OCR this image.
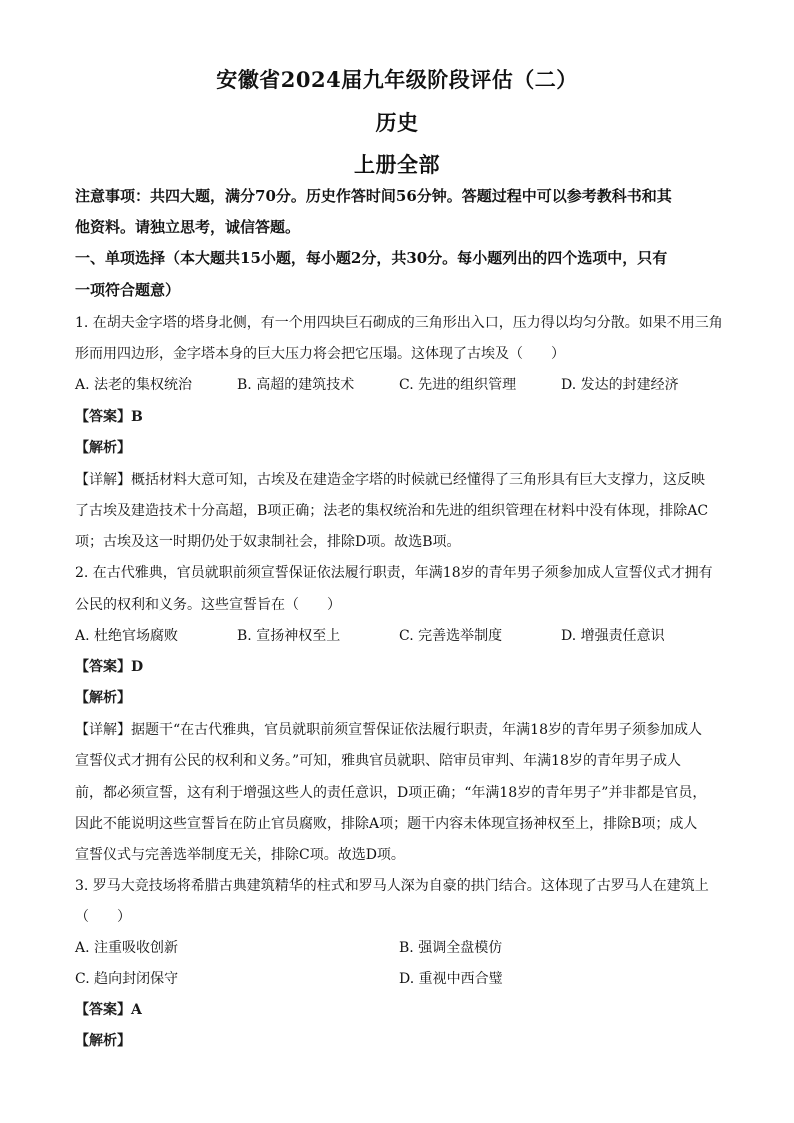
安徽省2024届九年级阶段评估（二）
历史
上册全部
注意事项：共四大题，满分70分。历史作答时间56分钟。答题过程中可以参考教科书和其
他资料。请独立思考，诚信答题。
一、单项选择（本大题共15小题，每小题2分，共30分。每小题列出的四个选项中，只有
一项符合题意）
1. 在胡夫金字塔的塔身北侧，有一个用四块巨石砌成的三角形出入口，压力得以均匀分散。如果不用三角
形而用四边形，金字塔本身的巨大压力将会把它压塌。这体现了古埃及（　　）
A. 法老的集权统治	B. 高超的建筑技术	C. 先进的组织管理	D. 发达的封建经济
【答案】B
【解析】
【详解】概括材料大意可知，古埃及在建造金字塔的时候就已经懂得了三角形具有巨大支撑力，这反映
了古埃及建造技术十分高超，B项正确；法老的集权统治和先进的组织管理在材料中没有体现，排除AC
项；古埃及这一时期仍处于奴隶制社会，排除D项。故选B项。
2. 在古代雅典，官员就职前须宣誓保证依法履行职责，年满18岁的青年男子须参加成人宣誓仪式才拥有
公民的权利和义务。这些宣誓旨在（　　）
A. 杜绝官场腐败	B. 宣扬神权至上	C. 完善选举制度	D. 增强责任意识
【答案】D
【解析】
【详解】据题干“在古代雅典，官员就职前须宣誓保证依法履行职责，年满18岁的青年男子须参加成人
宣誓仪式才拥有公民的权利和义务。”可知，雅典官员就职、陪审员审判、年满18岁的青年男子成人
前，都必须宣誓，这有利于增强这些人的责任意识，D项正确；“年满18岁的青年男子”并非都是官员，
因此不能说明这些宣誓旨在防止官员腐败，排除A项；题干内容未体现宣扬神权至上，排除B项；成人
宣誓仪式与完善选举制度无关，排除C项。故选D项。
3. 罗马大竞技场将希腊古典建筑精华的柱式和罗马人深为自豪的拱门结合。这体现了古罗马人在建筑上
（　　）
A. 注重吸收创新	B. 强调全盘模仿
C. 趋向封闭保守	D. 重视中西合璧
【答案】A
【解析】
